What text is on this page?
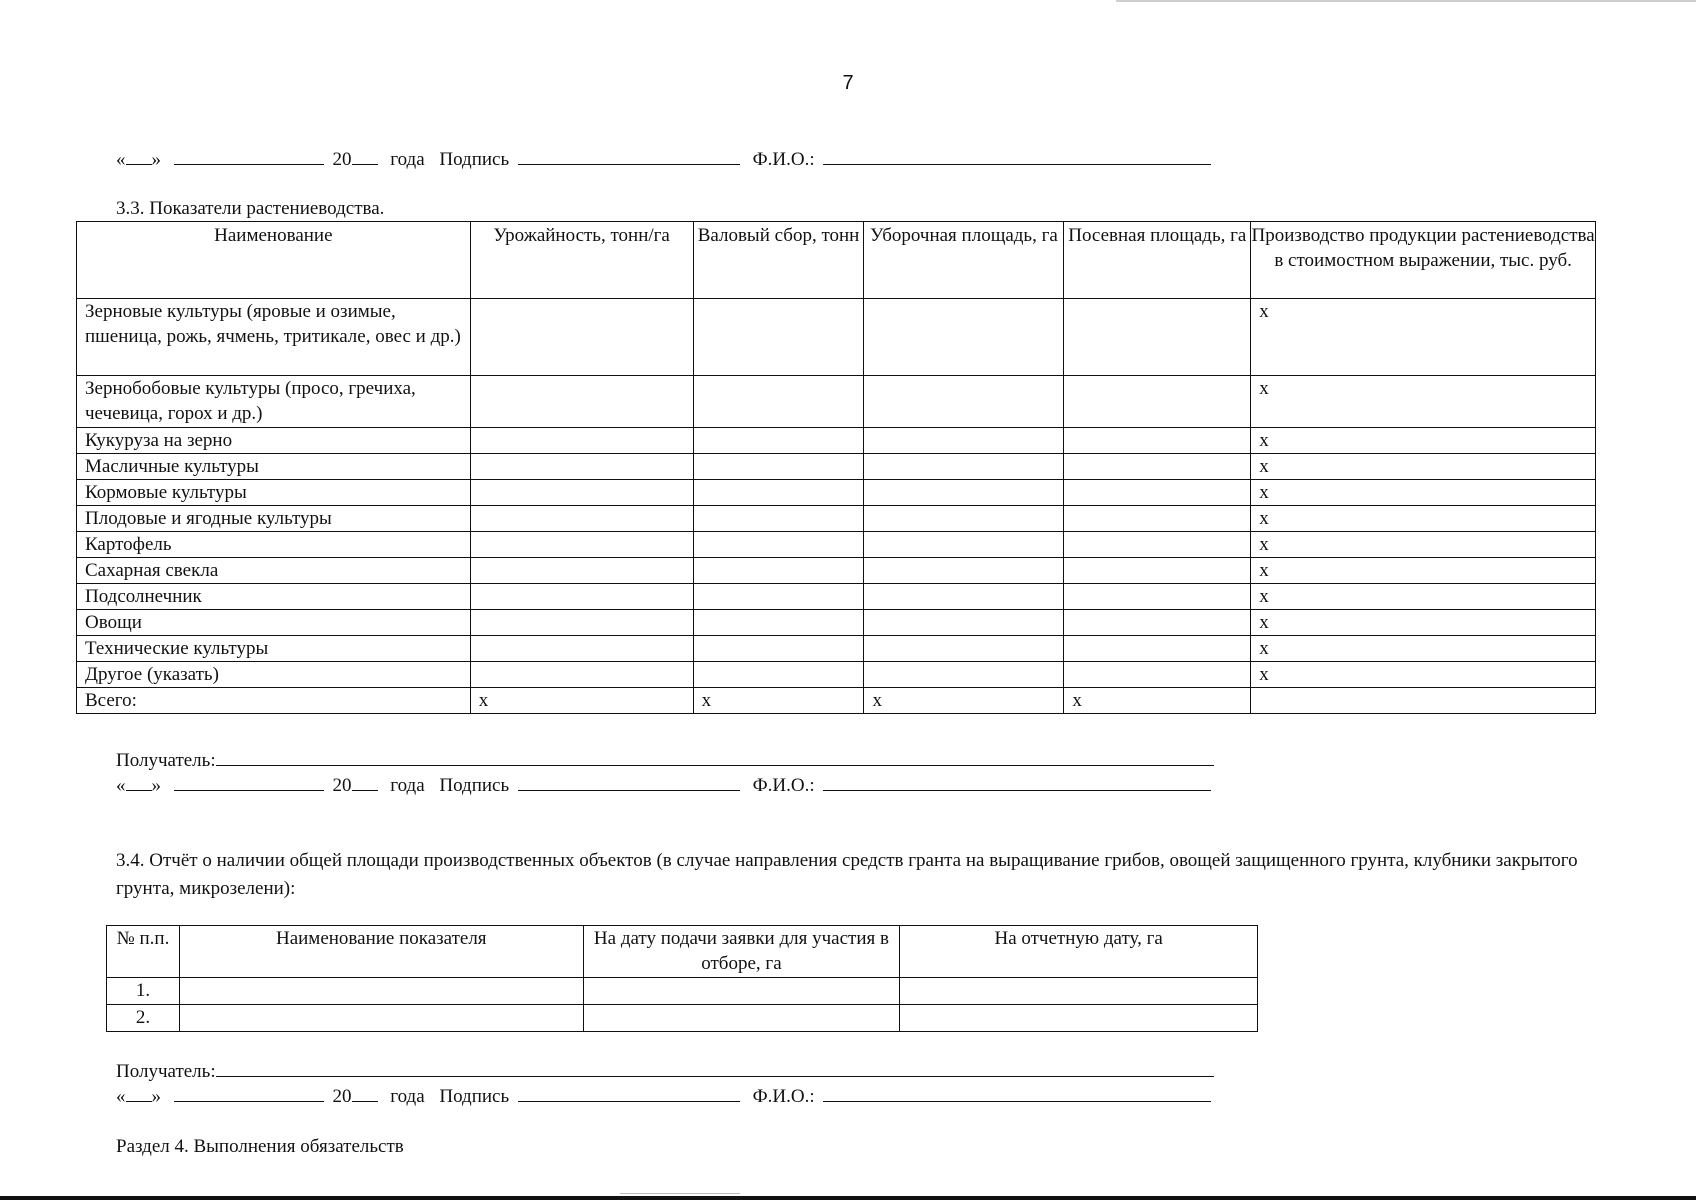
7
« »	20 года Подпись	Ф.И.О.:
3.3. Показатели растениеводства.
Наименование	Урожайность, тонн/га	Валовый сбор, тонн	Уборочная площадь, га	Посевная площадь, га	Производство продукции растениеводства в стоимостном выражении, тыс. руб.
Зерновые культуры (яровые и озимые, пшеница, рожь, ячмень, тритикале, овес и др.)					x
Зернобобовые культуры (просо, гречиха, чечевица, горох и др.)					x
Кукуруза на зерно					x
Масличные культуры					x
Кормовые культуры					x
Плодовые и ягодные культуры					x
Картофель					x
Сахарная свекла					x
Подсолнечник					x
Овощи					x
Технические культуры					x
Другое (указать)					x
Всего:	x	x	x	x	
Получатель:
« »	20 года Подпись	Ф.И.О.:
3.4. Отчёт о наличии общей площади производственных объектов (в случае направления средств гранта на выращивание грибов, овощей защищенного грунта, клубники закрытого грунта, микрозелени):
№ п.п.	Наименование показателя	На дату подачи заявки для участия в отборе, га	На отчетную дату, га
1.			
2.			
Получатель:
« »	20 года Подпись	Ф.И.О.:
Раздел 4. Выполнения обязательств
